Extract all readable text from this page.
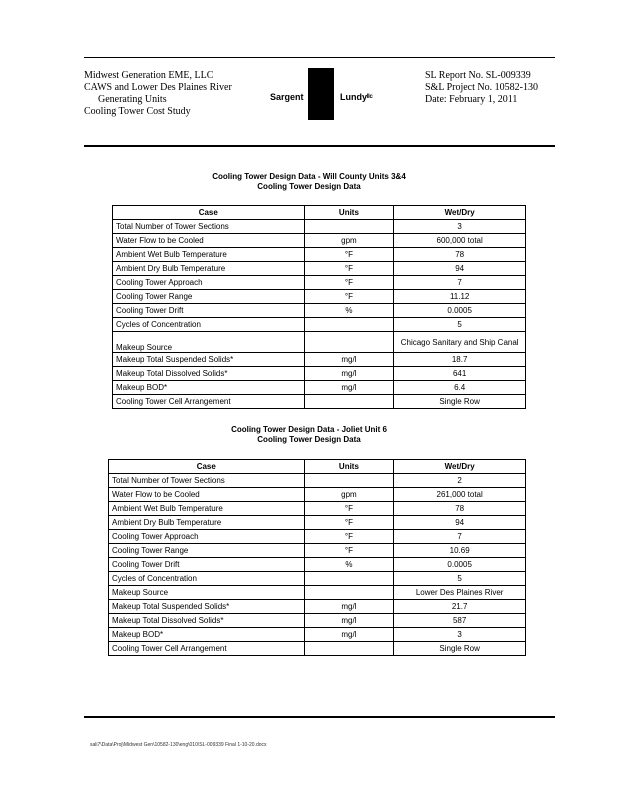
Midwest Generation EME, LLC
CAWS and Lower Des Plaines River
Generating Units
Cooling Tower Cost Study
Sargent	Lundyˡˡᶜ
SL Report No. SL-009339
S&L Project No. 10582-130
Date: February 1, 2011
Cooling Tower Design Data - Will County Units 3&4
Cooling Tower Design Data
Case	Units	Wet/Dry
Total Number of Tower Sections		3
Water Flow to be Cooled	gpm	600,000 total
Ambient Wet Bulb Temperature	°F	78
Ambient Dry Bulb Temperature	°F	94
Cooling Tower Approach	°F	7
Cooling Tower Range	°F	11.12
Cooling Tower Drift	%	0.0005
Cycles of Concentration		5
Makeup Source		Chicago Sanitary and Ship Canal
Makeup Total Suspended Solids*	mg/l	18.7
Makeup Total Dissolved Solids*	mg/l	641
Makeup BOD*	mg/l	6.4
Cooling Tower Cell Arrangement		Single Row
Cooling Tower Design Data - Joliet Unit 6
Cooling Tower Design Data
Case	Units	Wet/Dry
Total Number of Tower Sections		2
Water Flow to be Cooled	gpm	261,000 total
Ambient Wet Bulb Temperature	°F	78
Ambient Dry Bulb Temperature	°F	94
Cooling Tower Approach	°F	7
Cooling Tower Range	°F	10.69
Cooling Tower Drift	%	0.0005
Cycles of Concentration		5
Makeup Source		Lower Des Plaines River
Makeup Total Suspended Solids*	mg/l	21.7
Makeup Total Dissolved Solids*	mg/l	587
Makeup BOD*	mg/l	3
Cooling Tower Cell Arrangement		Single Row
sali7\Data\Proj\Midwest Gen\10582-130\eng\010\SL-009339 Final 1-10-20.docx
